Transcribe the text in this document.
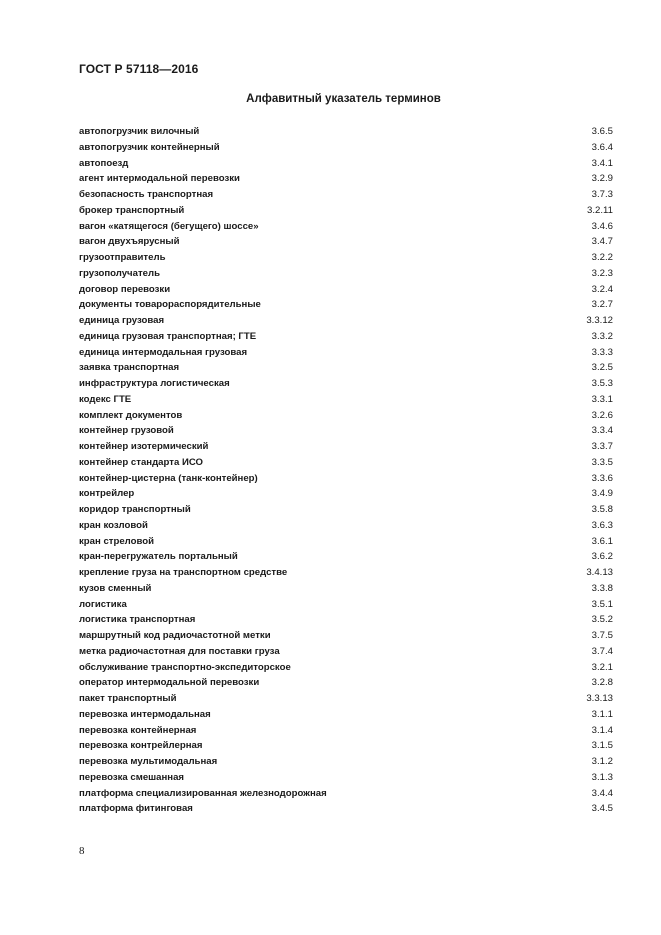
ГОСТ Р 57118—2016
Алфавитный указатель терминов
автопогрузчик вилочный	3.6.5
автопогрузчик контейнерный	3.6.4
автопоезд	3.4.1
агент интермодальной перевозки	3.2.9
безопасность транспортная	3.7.3
брокер транспортный	3.2.11
вагон «катящегося (бегущего) шоссе»	3.4.6
вагон двухъярусный	3.4.7
грузоотправитель	3.2.2
грузополучатель	3.2.3
договор перевозки	3.2.4
документы товарораспорядительные	3.2.7
единица грузовая	3.3.12
единица грузовая транспортная; ГТЕ	3.3.2
единица интермодальная грузовая	3.3.3
заявка транспортная	3.2.5
инфраструктура логистическая	3.5.3
кодекс ГТЕ	3.3.1
комплект документов	3.2.6
контейнер грузовой	3.3.4
контейнер изотермический	3.3.7
контейнер стандарта ИСО	3.3.5
контейнер-цистерна (танк-контейнер)	3.3.6
контрейлер	3.4.9
коридор транспортный	3.5.8
кран козловой	3.6.3
кран стреловой	3.6.1
кран-перегружатель портальный	3.6.2
крепление груза на транспортном средстве	3.4.13
кузов сменный	3.3.8
логистика	3.5.1
логистика транспортная	3.5.2
маршрутный код радиочастотной метки	3.7.5
метка радиочастотная для поставки груза	3.7.4
обслуживание транспортно-экспедиторское	3.2.1
оператор интермодальной перевозки	3.2.8
пакет транспортный	3.3.13
перевозка интермодальная	3.1.1
перевозка контейнерная	3.1.4
перевозка контрейлерная	3.1.5
перевозка мультимодальная	3.1.2
перевозка смешанная	3.1.3
платформа специализированная железнодорожная	3.4.4
платформа фитинговая	3.4.5
8
